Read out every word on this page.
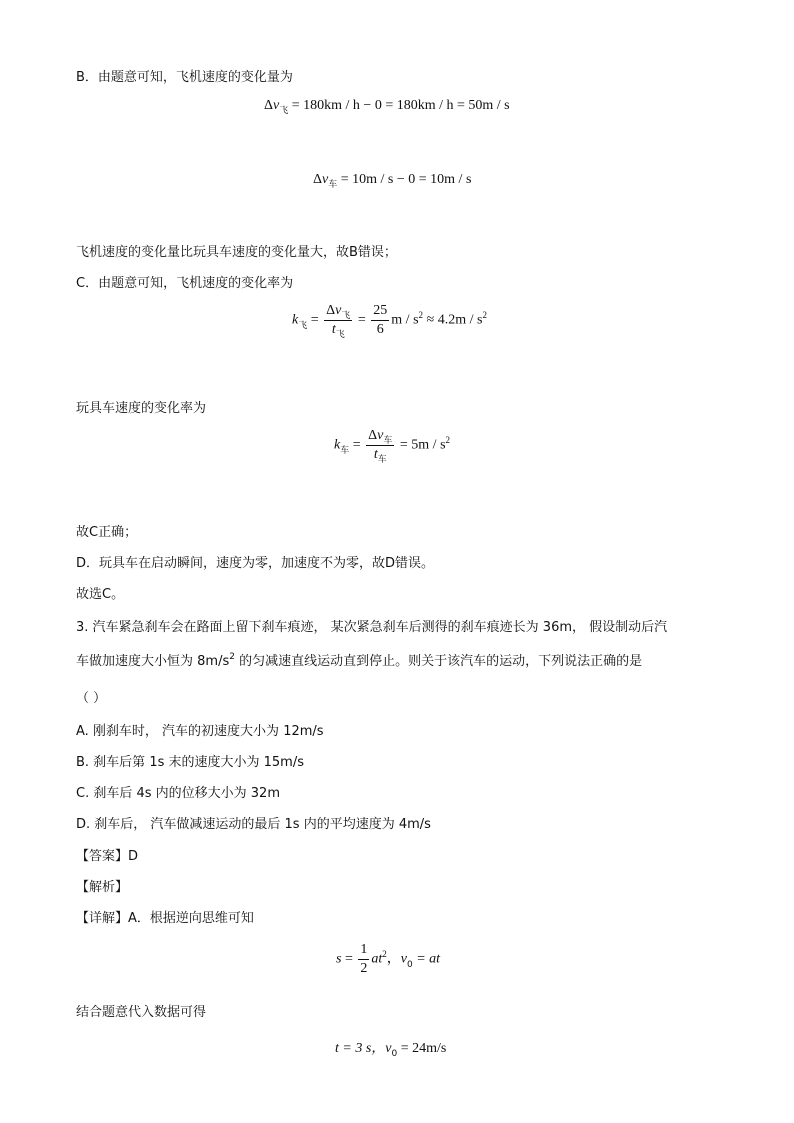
B．由题意可知，飞机速度的变化量为
$\Delta v_飞 = 180km / h - 0 = 180km / h = 50m / s$
$\Delta v_车 = 10m / s - 0 = 10m / s$
飞机速度的变化量比玩具车速度的变化量大，故B错误；
C．由题意可知，飞机速度的变化率为
$k_飞 = \frac{\Delta v_飞}{t_飞} = \frac{25}{6}$ $m / s^2 \approx 4.2m / s^2$
玩具车速度的变化率为
$k_车 = \frac{\Delta v_车}{t_车} = 5m / s^2$
故C正确；
D．玩具车在启动瞬间，速度为零，加速度不为零，故D错误。
故选C。
3. 汽车紧急刹车会在路面上留下刹车痕迹， 某次紧急刹车后测得的刹车痕迹长为 36m， 假设制动后汽
车做加速度大小恒为 $8m/s^2$ 的匀减速直线运动直到停止。则关于该汽车的运动，下列说法正确的是
（ ）
A. 刚刹车时， 汽车的初速度大小为 12m/s
B. 刹车后第 1s 末的速度大小为 15m/s
C. 刹车后 4s 内的位移大小为 32m
D. 刹车后， 汽车做减速运动的最后 1s 内的平均速度为 4m/s
【答案】D
【解析】
【详解】A．根据逆向思维可知
$s = \frac{1}{2} at^2$，$v_0$ = at
结合题意代入数据可得
t = 3 s，$v_0 = 24m/s$
